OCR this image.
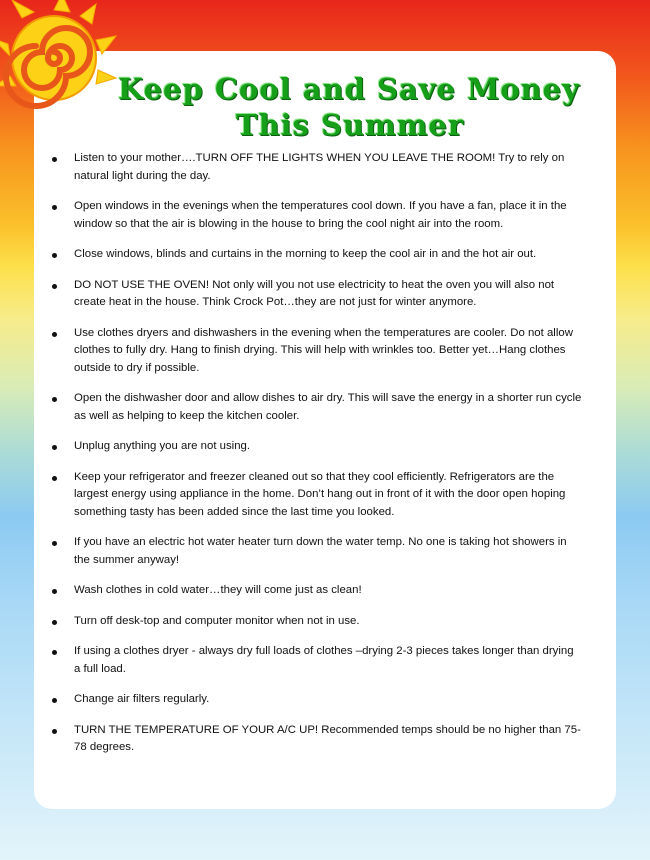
Keep Cool and Save Money
This Summer
Listen to your mother….TURN OFF THE LIGHTS WHEN YOU LEAVE THE ROOM! Try to rely on natural light during the day.
Open windows in the evenings when the temperatures cool down. If you have a fan, place it in the window so that the air is blowing in the house to bring the cool night air into the room.
Close windows, blinds and curtains in the morning to keep the cool air in and the hot air out.
DO NOT USE THE OVEN! Not only will you not use electricity to heat the oven you will also not create heat in the house. Think Crock Pot…they are not just for winter anymore.
Use clothes dryers and dishwashers in the evening when the temperatures are cooler. Do not allow clothes to fully dry. Hang to finish drying. This will help with wrinkles too. Better yet…Hang clothes outside to dry if possible.
Open the dishwasher door and allow dishes to air dry. This will save the energy in a shorter run cycle as well as helping to keep the kitchen cooler.
Unplug anything you are not using.
Keep your refrigerator and freezer cleaned out so that they cool efficiently. Refrigerators are the largest energy using appliance in the home. Don’t hang out in front of it with the door open hoping something tasty has been added since the last time you looked.
If you have an electric hot water heater turn down the water temp. No one is taking hot showers in the summer anyway!
Wash clothes in cold water…they will come just as clean!
Turn off desk-top and computer monitor when not in use.
If using a clothes dryer - always dry full loads of clothes –drying 2-3 pieces takes longer than drying a full load.
Change air filters regularly.
TURN THE TEMPERATURE OF YOUR A/C UP! Recommended temps should be no higher than 75-78 degrees.
